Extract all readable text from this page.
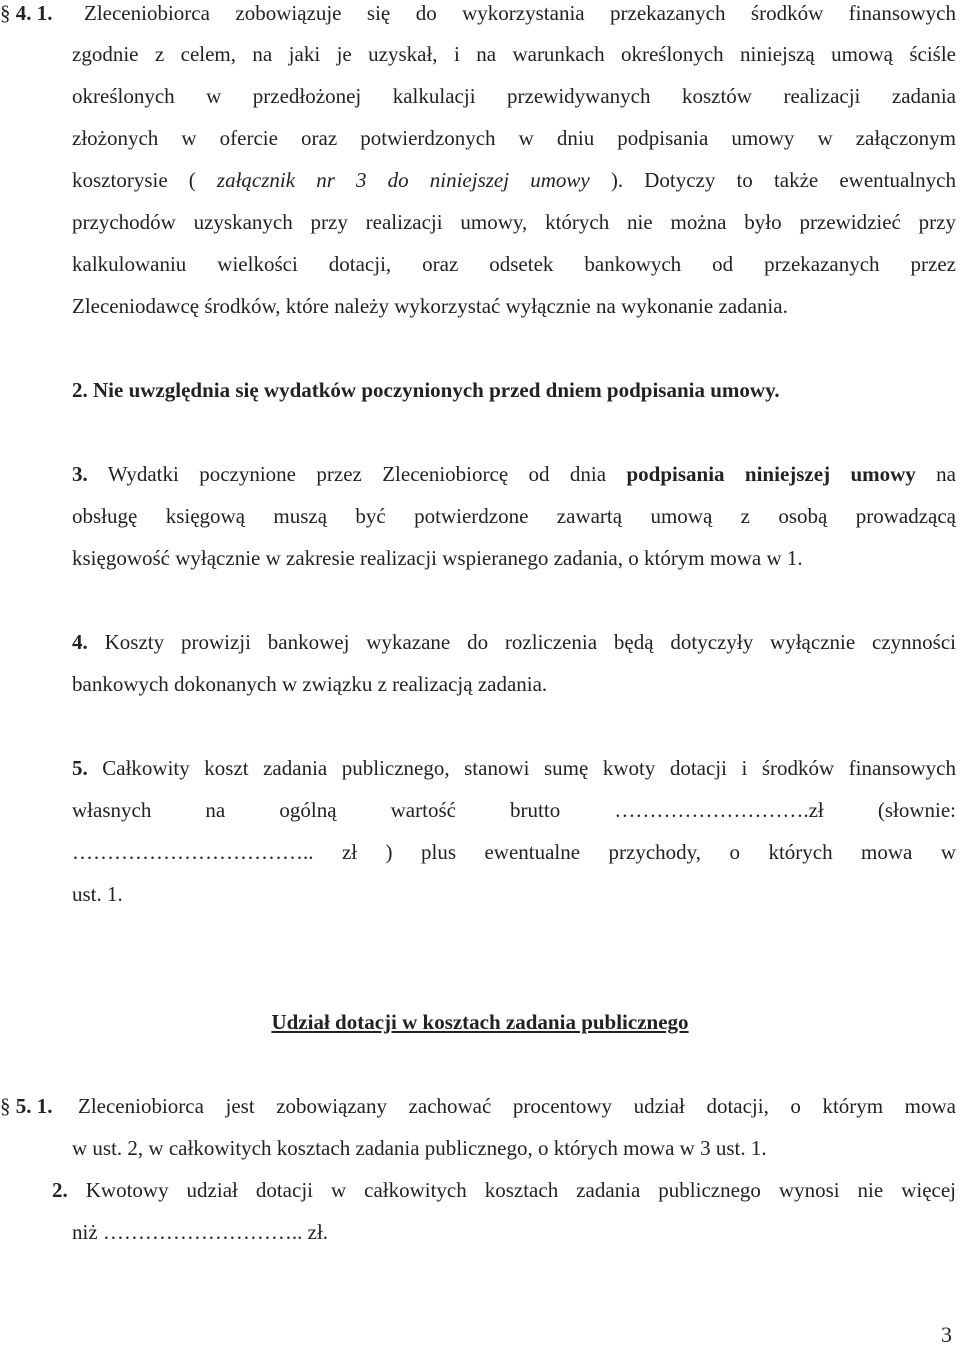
§ 4. 1. Zleceniobiorca zobowiązuje się do wykorzystania przekazanych środków finansowych
zgodnie z celem, na jaki je uzyskał, i na warunkach określonych niniejszą umową ściśle
określonych w przedłożonej kalkulacji przewidywanych kosztów realizacji zadania
złożonych w ofercie oraz potwierdzonych w dniu podpisania umowy w załączonym
kosztorysie ( załącznik nr 3 do niniejszej umowy ). Dotyczy to także ewentualnych
przychodów uzyskanych przy realizacji umowy, których nie można było przewidzieć przy
kalkulowaniu wielkości dotacji, oraz odsetek bankowych od przekazanych przez
Zleceniodawcę środków, które należy wykorzystać wyłącznie na wykonanie zadania.
2. Nie uwzględnia się wydatków poczynionych przed dniem podpisania umowy.
3. Wydatki poczynione przez Zleceniobiorcę od dnia podpisania niniejszej umowy na
obsługę księgową muszą być potwierdzone zawartą umową z osobą prowadzącą
księgowość wyłącznie w zakresie realizacji wspieranego zadania, o którym mowa w 1.
4. Koszty prowizji bankowej wykazane do rozliczenia będą dotyczyły wyłącznie czynności
bankowych dokonanych w związku z realizacją zadania.
5. Całkowity koszt zadania publicznego, stanowi sumę kwoty dotacji i środków finansowych
własnych na ogólną wartość brutto ……………………….zł (słownie:
…………………………….. zł ) plus ewentualne przychody, o których mowa w
ust. 1.
Udział dotacji w kosztach zadania publicznego
§ 5. 1. Zleceniobiorca jest zobowiązany zachować procentowy udział dotacji, o którym mowa
w ust. 2, w całkowitych kosztach zadania publicznego, o których mowa w 3 ust. 1.
2. Kwotowy udział dotacji w całkowitych kosztach zadania publicznego wynosi nie więcej
niż ……………………….. zł.
3
